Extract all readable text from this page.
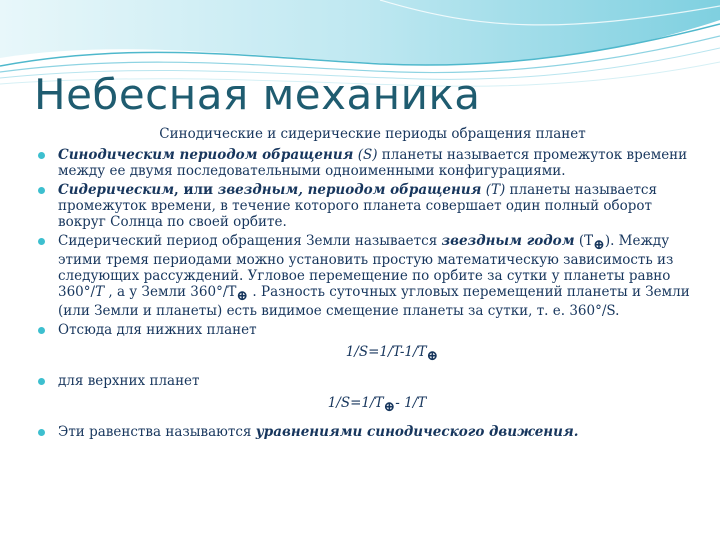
Небесная механика
Синодические и сидерические периоды обращения планет
Синодическим периодом обращения (S) планеты называется промежуток времени между ее двумя последовательными одноименными конфигурациями.
Сидерическим, или звездным, периодом обращения (T) планеты называется промежуток времени, в течение которого планета совершает один полный оборот вокруг Солнца по своей орбите.
Сидерический период обращения Земли называется звездным годом (T⊕). Между этими тремя периодами можно установить простую математическую зависимость из следующих рассуждений. Угловое перемещение по орбите за сутки у планеты равно 360°/T , а у Земли 360°/T⊕ . Разность суточных угловых перемещений планеты и Земли (или Земли и планеты) есть видимое смещение планеты за сутки, т. е. 360°/S.
Отсюда для нижних планет
1/S=1/T-1/T⊕
для верхних планет
1/S=1/T⊕- 1/T
Эти равенства называются уравнениями синодического движения.
